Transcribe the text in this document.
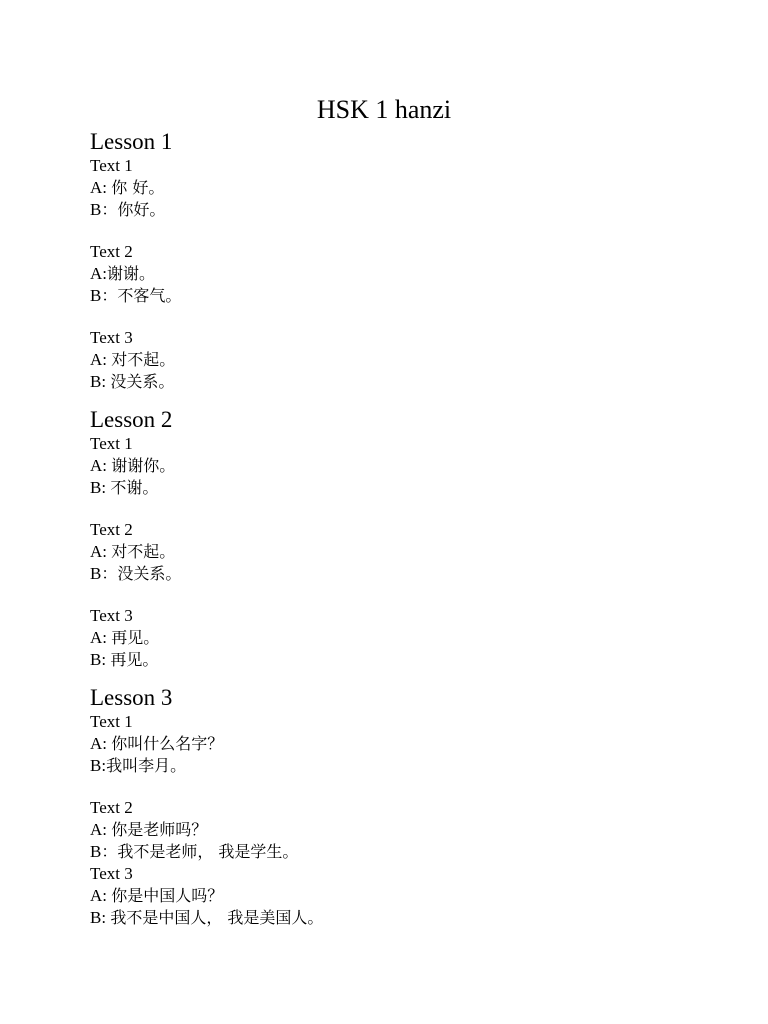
HSK 1 hanzi
Lesson 1
Text 1
A: 你 好。
B：你好。
Text 2
A:谢谢。
B：不客气。
Text 3
A: 对不起。
B: 没关系。
Lesson 2
Text 1
A: 谢谢你。
B: 不谢。
Text 2
A: 对不起。
B：没关系。
Text 3
A: 再见。
B: 再见。
Lesson 3
Text 1
A: 你叫什么名字？
B:我叫李月。
Text 2
A: 你是老师吗？
B：我不是老师， 我是学生。
Text 3
A: 你是中国人吗？
B: 我不是中国人， 我是美国人。
